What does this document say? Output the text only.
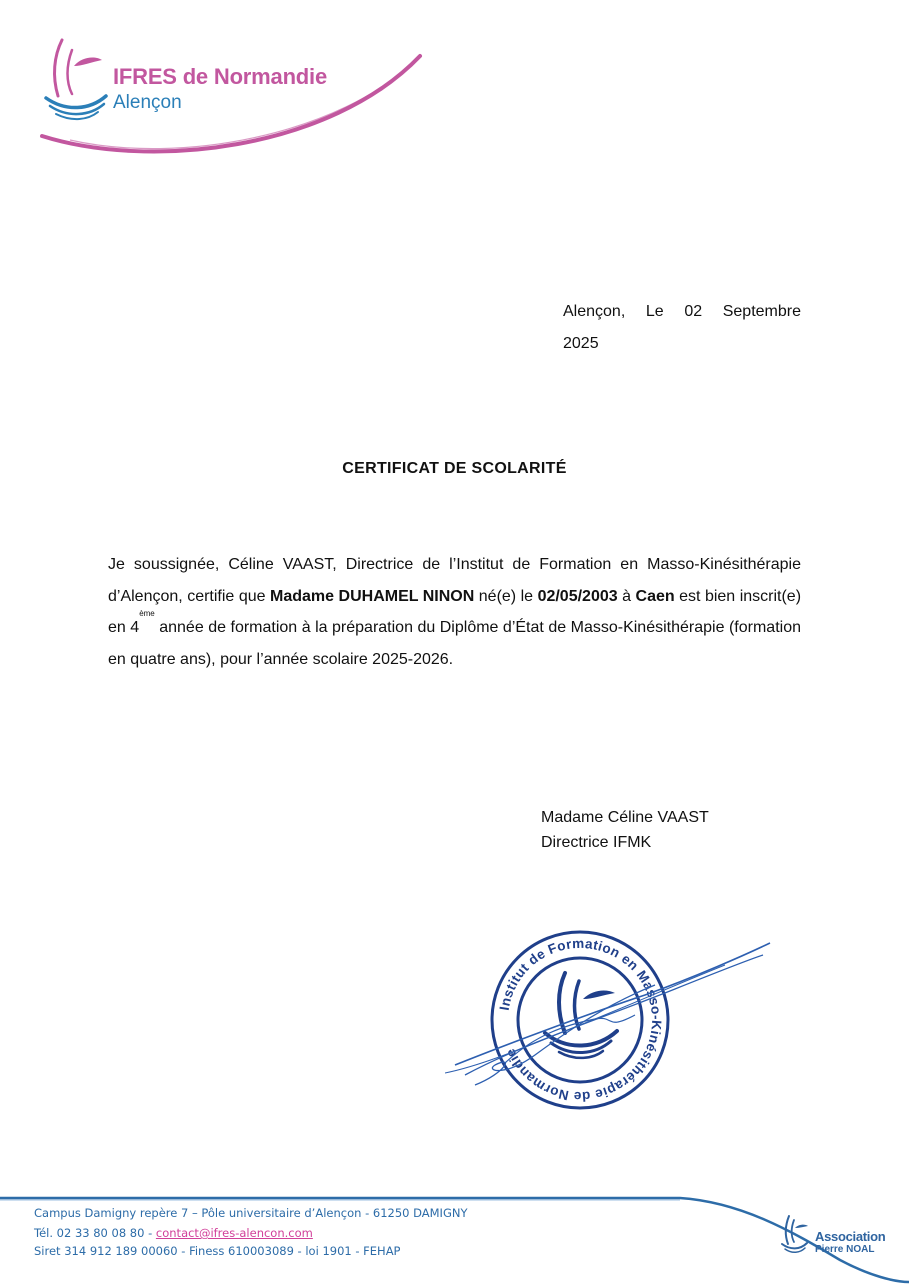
IFRES de Normandie
Alençon
Alençon, Le 02 Septembre
2025
CERTIFICAT DE SCOLARITÉ
Je soussignée, Céline VAAST, Directrice de l’Institut de Formation en Masso-Kinésithérapie d’Alençon, certifie que Madame DUHAMEL NINON né(e) le 02/05/2003 à Caen est bien inscrit(e) en 4ème année de formation à la préparation du Diplôme d’État de Masso-Kinésithérapie (formation en quatre ans), pour l’année scolaire 2025-2026.
Madame Céline VAAST
Directrice IFMK
Institut de Formation en Masso-Kinésithérapie de Normandie
Campus Damigny repère 7 – Pôle universitaire d’Alençon - 61250 DAMIGNY
Tél. 02 33 80 08 80 - contact@ifres-alencon.com
Siret 314 912 189 00060 - Finess 610003089 - loi 1901 - FEHAP
Association
Pierre NOAL
